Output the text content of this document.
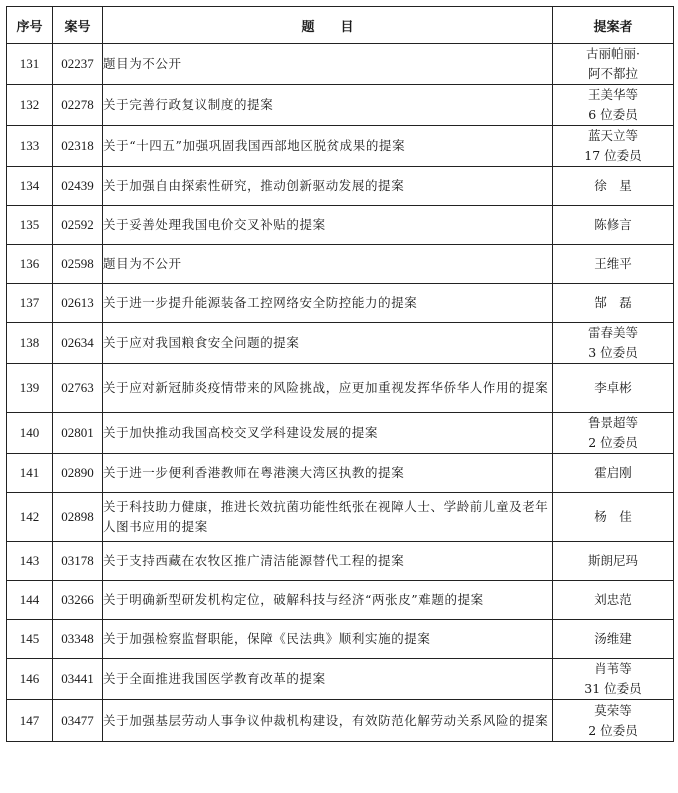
序号	案号	题　　目	提案者
131	02237	题目为不公开	古丽帕丽·
阿不都拉

132	02278	关于完善行政复议制度的提案	王美华等
6 位委员

133	02318	关于“十四五”加强巩固我国西部地区脱贫成果的提案	蓝天立等
17 位委员

134	02439	关于加强自由探索性研究，推动创新驱动发展的提案	徐　星

135	02592	关于妥善处理我国电价交叉补贴的提案	陈修言

136	02598	题目为不公开	王维平

137	02613	关于进一步提升能源装备工控网络安全防控能力的提案	郜　磊

138	02634	关于应对我国粮食安全问题的提案	雷春美等
3 位委员

139	02763	关于应对新冠肺炎疫情带来的风险挑战，应更加重视发挥华侨华人作用的提案	李卓彬

140	02801	关于加快推动我国高校交叉学科建设发展的提案	鲁景超等
2 位委员

141	02890	关于进一步便利香港教师在粤港澳大湾区执教的提案	霍启刚

142	02898	关于科技助力健康，推进长效抗菌功能性纸张在视障人士、学龄前儿童及老年人图书应用的提案	杨　佳

143	03178	关于支持西藏在农牧区推广清洁能源替代工程的提案	斯朗尼玛

144	03266	关于明确新型研发机构定位，破解科技与经济“两张皮”难题的提案	刘忠范

145	03348	关于加强检察监督职能，保障《民法典》顺利实施的提案	汤维建

146	03441	关于全面推进我国医学教育改革的提案	肖苇等
31 位委员

147	03477	关于加强基层劳动人事争议仲裁机构建设，有效防范化解劳动关系风险的提案	莫荣等
2 位委员
